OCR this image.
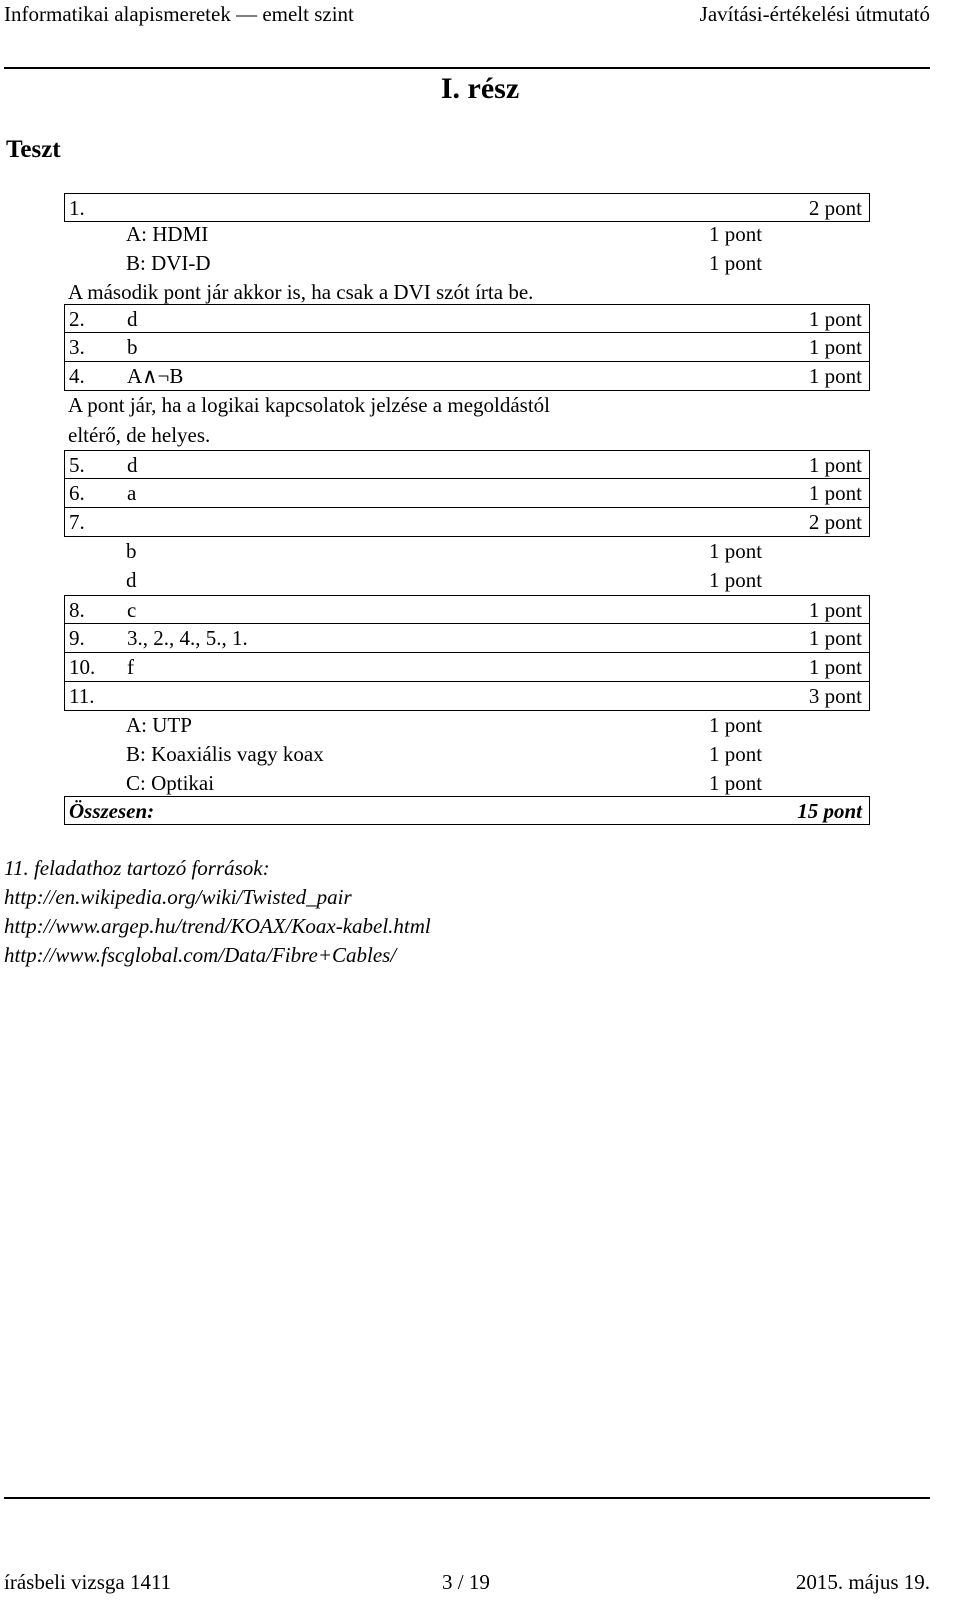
Informatikai alapismeretek — emelt szint	Javítási-értékelési útmutató
I. rész
Teszt
1.	2 pont
A: HDMI	1 pont
B: DVI-D	1 pont
A második pont jár akkor is, ha csak a DVI szót írta be.
2. d	1 pont
3. b	1 pont
4. A∧¬B	1 pont
A pont jár, ha a logikai kapcsolatok jelzése a megoldástól
eltérő, de helyes.
5. d	1 pont
6. a	1 pont
7.	2 pont
b	1 pont
d	1 pont
8. c	1 pont
9. 3., 2., 4., 5., 1.	1 pont
10. f	1 pont
11.	3 pont
A: UTP	1 pont
B: Koaxiális vagy koax	1 pont
C: Optikai	1 pont
Összesen:	15 pont
11. feladathoz tartozó források:
http://en.wikipedia.org/wiki/Twisted_pair
http://www.argep.hu/trend/KOAX/Koax-kabel.html
http://www.fscglobal.com/Data/Fibre+Cables/
írásbeli vizsga 1411	3 / 19	2015. május 19.
